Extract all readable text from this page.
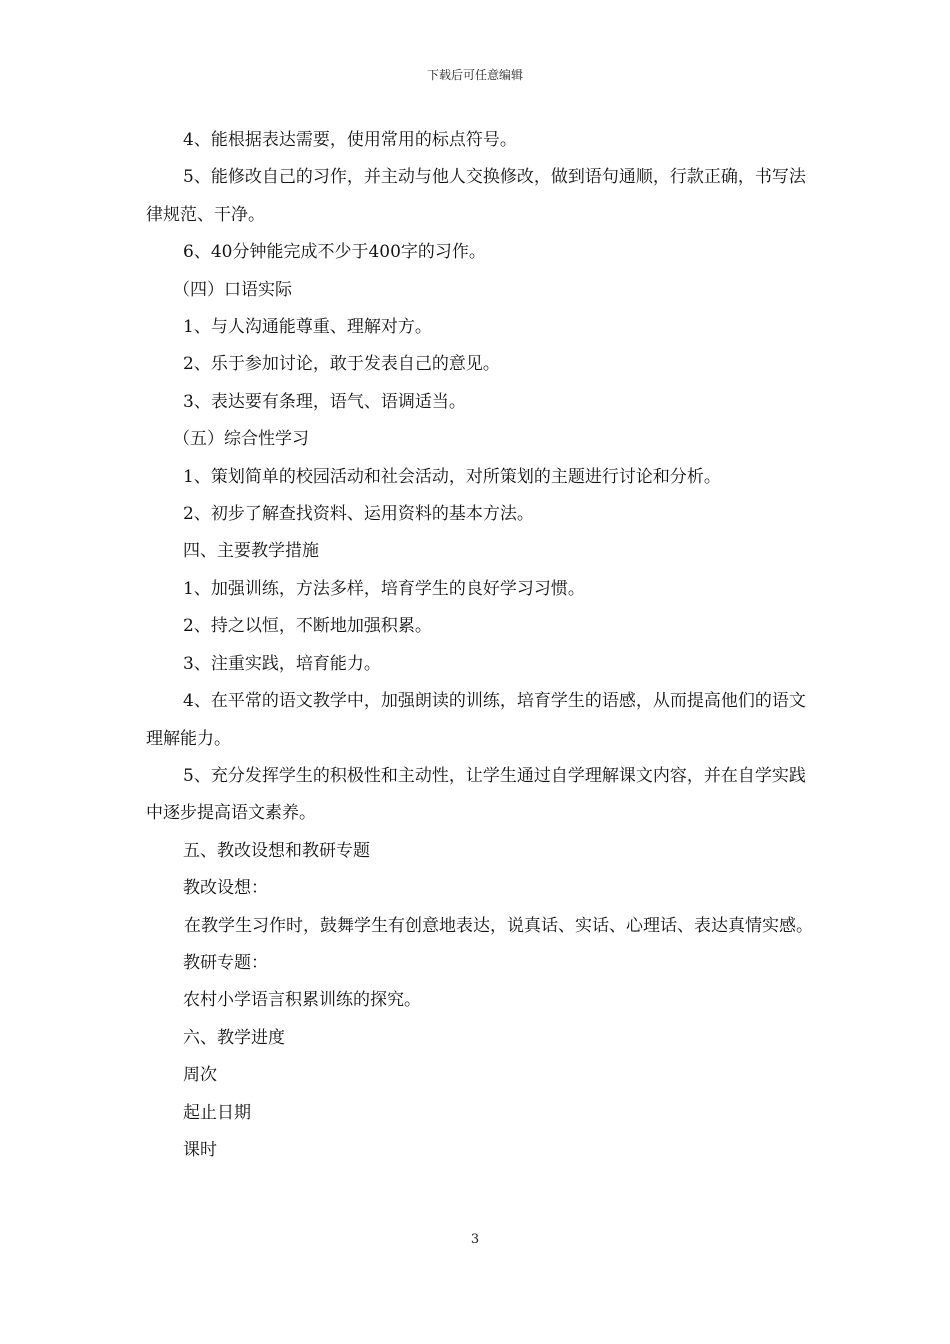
下载后可任意编辑

4、能根据表达需要，使用常用的标点符号。

5、能修改自己的习作，并主动与他人交换修改，做到语句通顺，行款正确，书写法律规范、干净。

6、40分钟能完成不少于400字的习作。

（四）口语实际

1、与人沟通能尊重、理解对方。

2、乐于参加讨论，敢于发表自己的意见。

3、表达要有条理，语气、语调适当。

（五）综合性学习

1、策划简单的校园活动和社会活动，对所策划的主题进行讨论和分析。

2、初步了解查找资料、运用资料的基本方法。

四、主要教学措施

1、加强训练，方法多样，培育学生的良好学习习惯。

2、持之以恒，不断地加强积累。

3、注重实践，培育能力。

4、在平常的语文教学中，加强朗读的训练，培育学生的语感，从而提高他们的语文理解能力。

5、充分发挥学生的积极性和主动性，让学生通过自学理解课文内容，并在自学实践中逐步提高语文素养。

五、教改设想和教研专题

教改设想：

在教学生习作时，鼓舞学生有创意地表达，说真话、实话、心理话、表达真情实感。

教研专题：

农村小学语言积累训练的探究。

六、教学进度

周次

起止日期

课时

3
